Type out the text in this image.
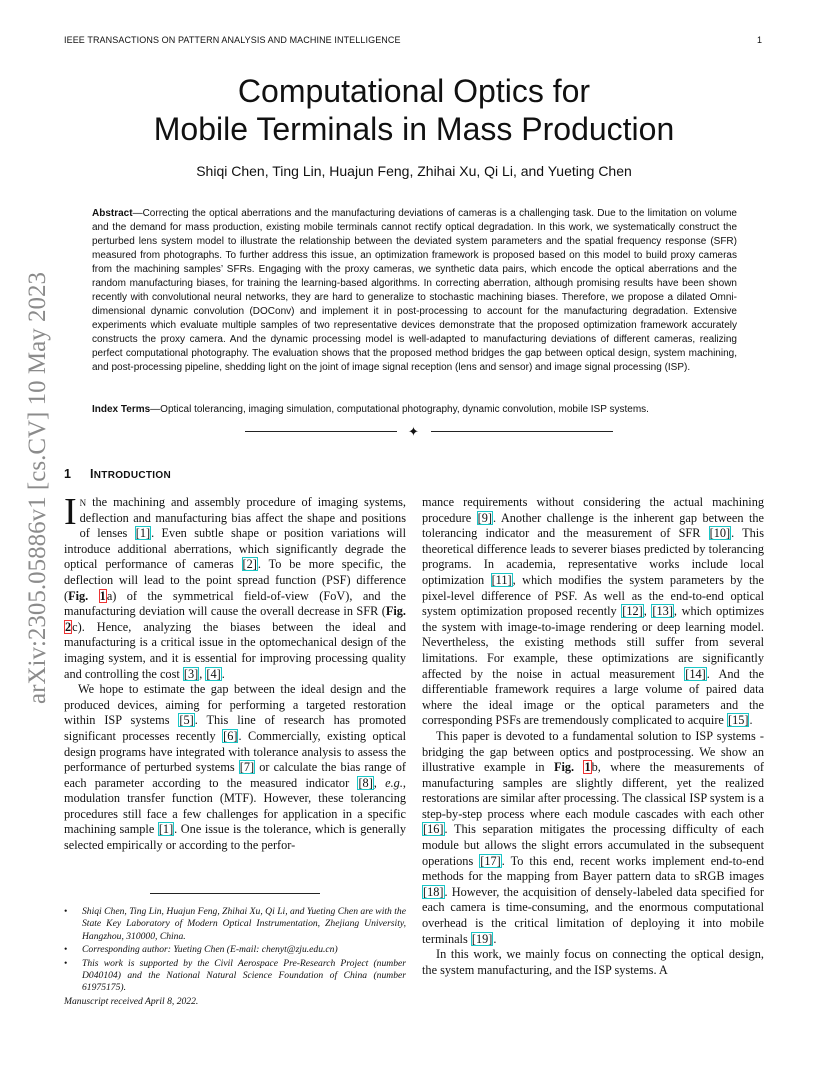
IEEE TRANSACTIONS ON PATTERN ANALYSIS AND MACHINE INTELLIGENCE	1
arXiv:2305.05886v1 [cs.CV] 10 May 2023
Computational Optics for
Mobile Terminals in Mass Production
Shiqi Chen, Ting Lin, Huajun Feng, Zhihai Xu, Qi Li, and Yueting Chen
Abstract—Correcting the optical aberrations and the manufacturing deviations of cameras is a challenging task. Due to the limitation on volume and the demand for mass production, existing mobile terminals cannot rectify optical degradation. In this work, we systematically construct the perturbed lens system model to illustrate the relationship between the deviated system parameters and the spatial frequency response (SFR) measured from photographs. To further address this issue, an optimization framework is proposed based on this model to build proxy cameras from the machining samples’ SFRs. Engaging with the proxy cameras, we synthetic data pairs, which encode the optical aberrations and the random manufacturing biases, for training the learning-based algorithms. In correcting aberration, although promising results have been shown recently with convolutional neural networks, they are hard to generalize to stochastic machining biases. Therefore, we propose a dilated Omni-dimensional dynamic convolution (DOConv) and implement it in post-processing to account for the manufacturing degradation. Extensive experiments which evaluate multiple samples of two representative devices demonstrate that the proposed optimization framework accurately constructs the proxy camera. And the dynamic processing model is well-adapted to manufacturing deviations of different cameras, realizing perfect computational photography. The evaluation shows that the proposed method bridges the gap between optical design, system machining, and post-processing pipeline, shedding light on the joint of image signal reception (lens and sensor) and image signal processing (ISP).
Index Terms—Optical tolerancing, imaging simulation, computational photography, dynamic convolution, mobile ISP systems.
✦
1 INTRODUCTION

In the machining and assembly procedure of imaging systems, deflection and manufacturing bias affect the shape and positions of lenses [1]. Even subtle shape or position variations will introduce additional aberrations, which significantly degrade the optical performance of cameras [2]. To be more specific, the deflection will lead to the point spread function (PSF) difference (Fig. 1a) of the symmetrical field-of-view (FoV), and the manufacturing deviation will cause the overall decrease in SFR (Fig. 2c). Hence, analyzing the biases between the ideal and manufacturing is a critical issue in the optomechanical design of the imaging system, and it is essential for improving processing quality and controlling the cost [3], [4].

We hope to estimate the gap between the ideal design and the produced devices, aiming for performing a targeted restoration within ISP systems [5]. This line of research has promoted significant processes recently [6]. Commercially, existing optical design programs have integrated with tolerance analysis to assess the performance of perturbed systems [7] or calculate the bias range of each parameter according to the measured indicator [8], e.g., modulation transfer function (MTF). However, these tolerancing procedures still face a few challenges for application in a specific machining sample [1]. One issue is the tolerance, which is generally selected empirically or according to the perfor-

• Shiqi Chen, Ting Lin, Huajun Feng, Zhihai Xu, Qi Li, and Yueting Chen are with the State Key Laboratory of Modern Optical Instrumentation, Zhejiang University, Hangzhou, 310000, China.
• Corresponding author: Yueting Chen (E-mail: chenyt@zju.edu.cn)
• This work is supported by the Civil Aerospace Pre-Research Project (number D040104) and the National Natural Science Foundation of China (number 61975175).
Manuscript received April 8, 2022.

mance requirements without considering the actual machining procedure [9]. Another challenge is the inherent gap between the tolerancing indicator and the measurement of SFR [10]. This theoretical difference leads to severer biases predicted by tolerancing programs. In academia, representative works include local optimization [11], which modifies the system parameters by the pixel-level difference of PSF. As well as the end-to-end optical system optimization proposed recently [12], [13], which optimizes the system with image-to-image rendering or deep learning model. Nevertheless, the existing methods still suffer from several limitations. For example, these optimizations are significantly affected by the noise in actual measurement [14]. And the differentiable framework requires a large volume of paired data where the ideal image or the optical parameters and the corresponding PSFs are tremendously complicated to acquire [15].

This paper is devoted to a fundamental solution to ISP systems - bridging the gap between optics and postprocessing. We show an illustrative example in Fig. 1b, where the measurements of manufacturing samples are slightly different, yet the realized restorations are similar after processing. The classical ISP system is a step-by-step process where each module cascades with each other [16]. This separation mitigates the processing difficulty of each module but allows the slight errors accumulated in the subsequent operations [17]. To this end, recent works implement end-to-end methods for the mapping from Bayer pattern data to sRGB images [18]. However, the acquisition of densely-labeled data specified for each camera is time-consuming, and the enormous computational overhead is the critical limitation of deploying it into mobile terminals [19].

In this work, we mainly focus on connecting the optical design, the system manufacturing, and the ISP systems. A
